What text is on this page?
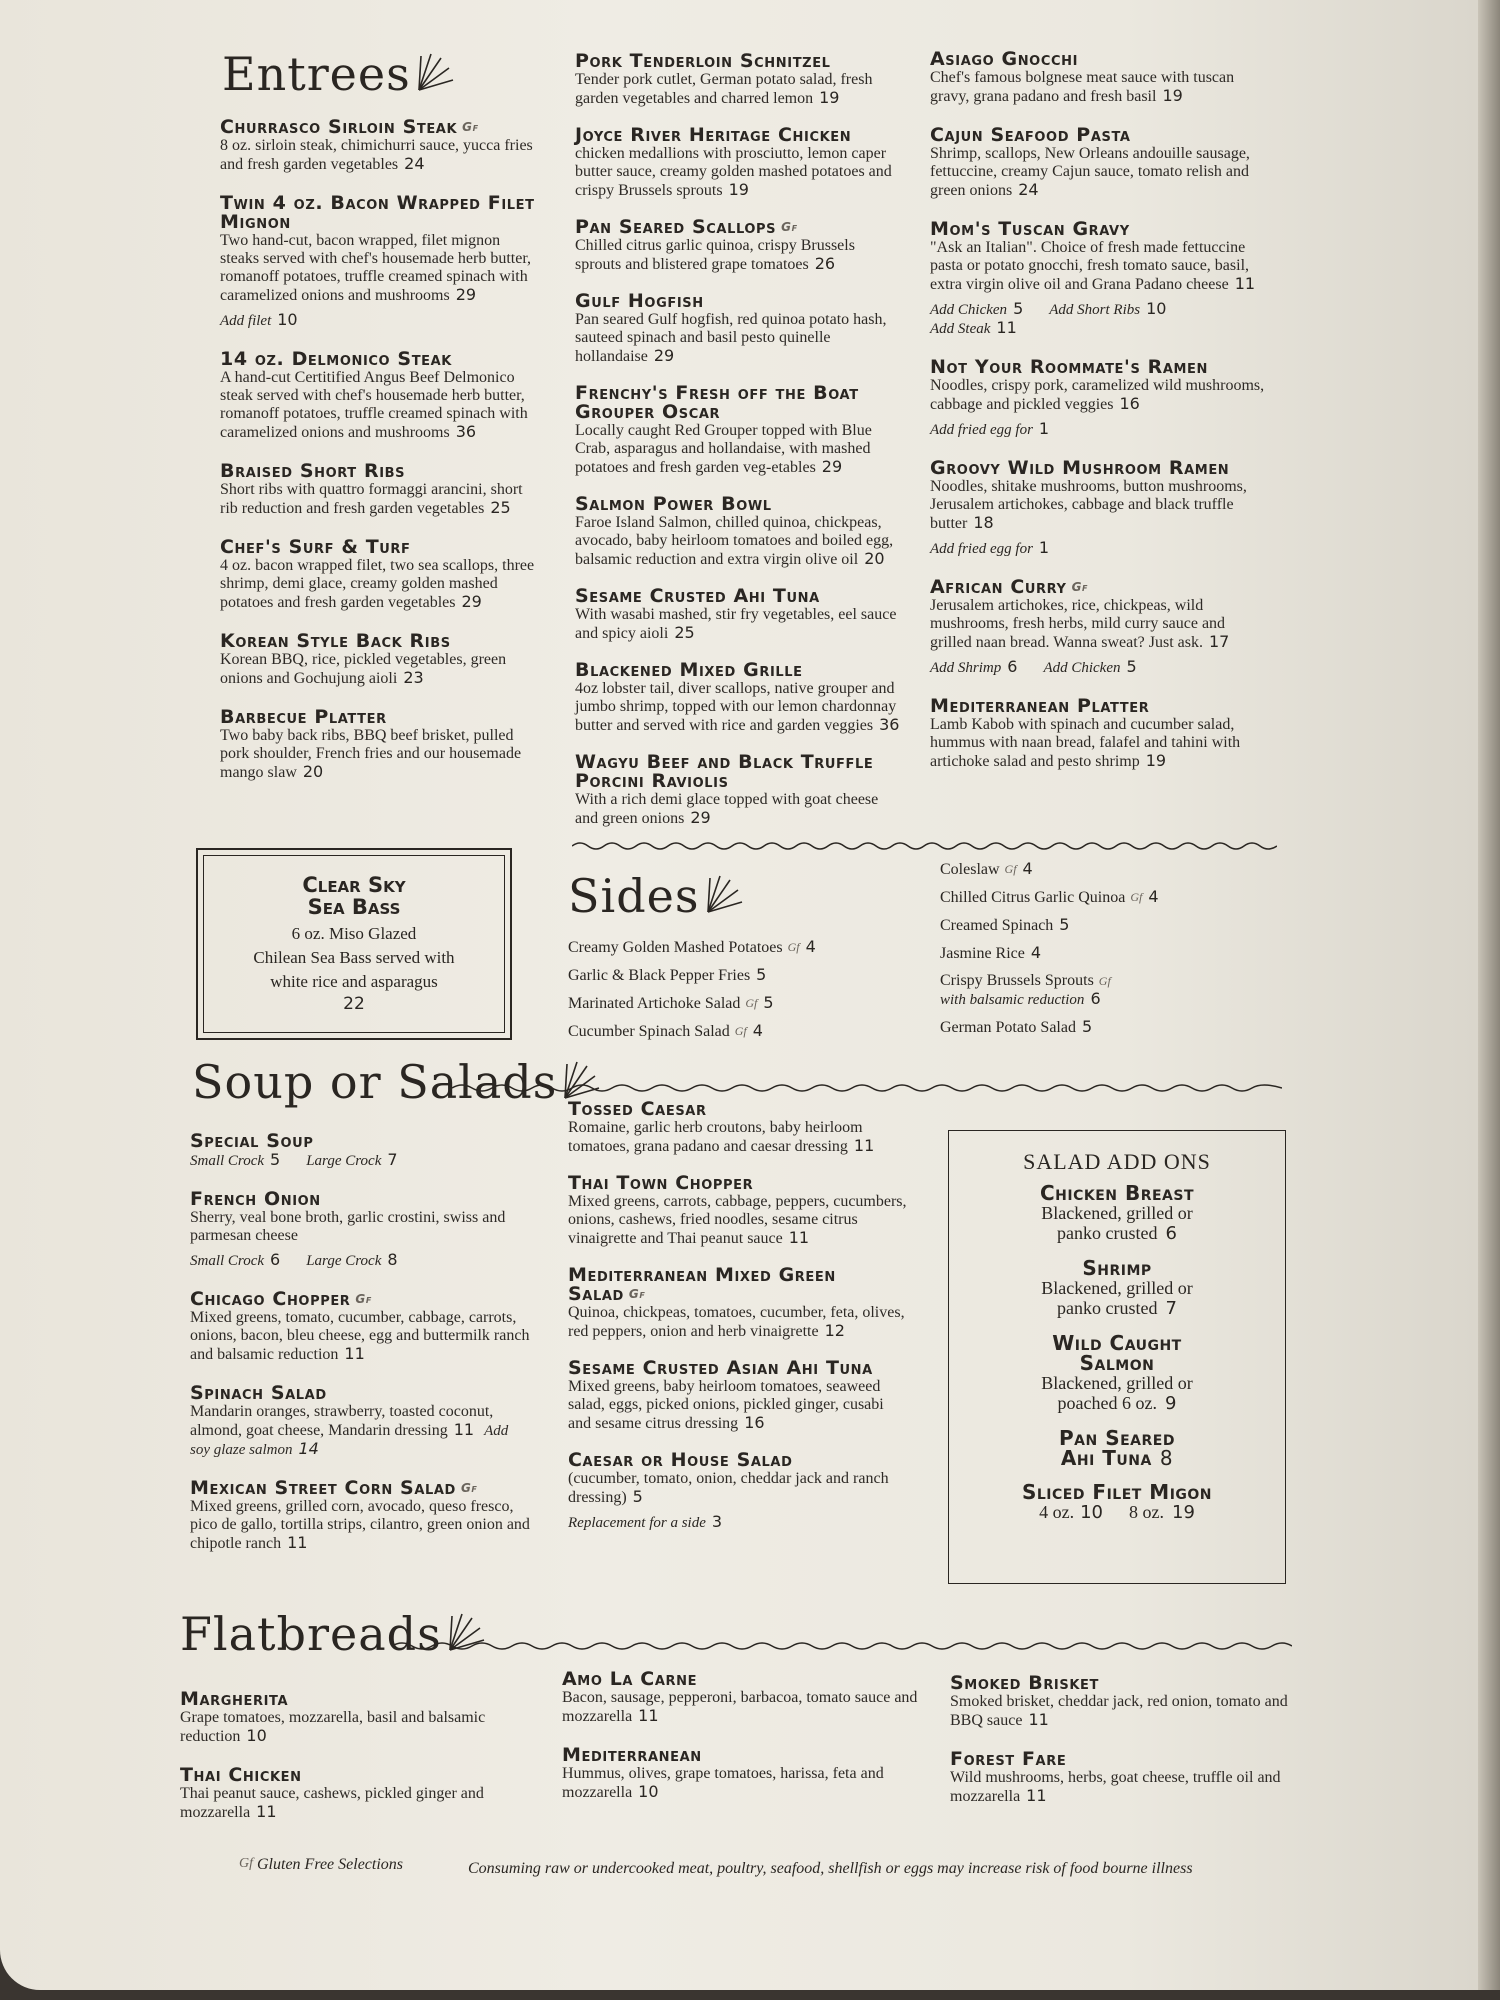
Entrees
Churrasco Sirloin Steak $^{Gf}$
8 oz. sirloin steak, chimichurri sauce, yucca fries and fresh garden vegetables 24
Twin 4 oz. Bacon Wrapped Filet Mignon
Two hand-cut, bacon wrapped, filet mignon steaks served with chef's housemade herb butter, romanoff potatoes, truffle creamed spinach with caramelized onions and mushrooms 29
Add filet 10
14 oz. Delmonico Steak
A hand-cut Certitified Angus Beef Delmonico steak served with chef's housemade herb butter, romanoff potatoes, truffle creamed spinach with caramelized onions and mushrooms 36
Braised Short Ribs
Short ribs with quattro formaggi arancini, short rib reduction and fresh garden vegetables 25
Chef's Surf & Turf
4 oz. bacon wrapped filet, two sea scallops, three shrimp, demi glace, creamy golden mashed potatoes and fresh garden vegetables 29
Korean Style Back Ribs
Korean BBQ, rice, pickled vegetables, green onions and Gochujung aioli 23
Barbecue Platter
Two baby back ribs, BBQ beef brisket, pulled pork shoulder, French fries and our housemade mango slaw 20
Pork Tenderloin Schnitzel
Tender pork cutlet, German potato salad, fresh garden vegetables and charred lemon 19
Joyce River Heritage Chicken
chicken medallions with prosciutto, lemon caper butter sauce, creamy golden mashed potatoes and crispy Brussels sprouts 19
Pan Seared Scallops $^{Gf}$
Chilled citrus garlic quinoa, crispy Brussels sprouts and blistered grape tomatoes 26
Gulf Hogfish
Pan seared Gulf hogfish, red quinoa potato hash, sauteed spinach and basil pesto quinelle hollandaise 29
Frenchy's Fresh off the Boat Grouper Oscar
Locally caught Red Grouper topped with Blue Crab, asparagus and hollandaise, with mashed potatoes and fresh garden veg-etables 29
Salmon Power Bowl
Faroe Island Salmon, chilled quinoa, chickpeas, avocado, baby heirloom tomatoes and boiled egg, balsamic reduction and extra virgin olive oil 20
Sesame Crusted Ahi Tuna
With wasabi mashed, stir fry vegetables, eel sauce and spicy aioli 25
Blackened Mixed Grille
4oz lobster tail, diver scallops, native grouper and jumbo shrimp, topped with our lemon chardonnay butter and served with rice and garden veggies 36
Wagyu Beef and Black Truffle Porcini Raviolis
With a rich demi glace topped with goat cheese and green onions 29
Asiago Gnocchi
Chef's famous bolgnese meat sauce with tuscan gravy, grana padano and fresh basil 19
Cajun Seafood Pasta
Shrimp, scallops, New Orleans andouille sausage, fettuccine, creamy Cajun sauce, tomato relish and green onions 24
Mom's Tuscan Gravy
"Ask an Italian". Choice of fresh made fettuccine pasta or potato gnocchi, fresh tomato sauce, basil, extra virgin olive oil and Grana Padano cheese 11
Add Chicken 5 Add Short Ribs 10
Add Steak 11
Not Your Roommate's Ramen
Noodles, crispy pork, caramelized wild mushrooms, cabbage and pickled veggies 16
Add fried egg for 1
Groovy Wild Mushroom Ramen
Noodles, shitake mushrooms, button mushrooms, Jerusalem artichokes, cabbage and black truffle butter 18
Add fried egg for 1
African Curry $^{Gf}$
Jerusalem artichokes, rice, chickpeas, wild mushrooms, fresh herbs, mild curry sauce and grilled naan bread. Wanna sweat? Just ask. 17
Add Shrimp 6 Add Chicken 5
Mediterranean Platter
Lamb Kabob with spinach and cucumber salad, hummus with naan bread, falafel and tahini with artichoke salad and pesto shrimp 19
Clear Sky
Sea Bass
6 oz. Miso Glazed
Chilean Sea Bass served with
white rice and asparagus
22
Sides
Creamy Golden Mashed Potatoes $^{Gf}$ 4
Garlic & Black Pepper Fries 5
Marinated Artichoke Salad $^{Gf}$ 5
Cucumber Spinach Salad $^{Gf}$ 4
Coleslaw $^{Gf}$ 4
Chilled Citrus Garlic Quinoa $^{Gf}$ 4
Creamed Spinach 5
Jasmine Rice 4
Crispy Brussels Sprouts $^{Gf}$
with balsamic reduction 6
German Potato Salad 5
Soup or Salads
Special Soup
Small Crock 5 Large Crock 7
French Onion
Sherry, veal bone broth, garlic crostini, swiss and parmesan cheese
Small Crock 6 Large Crock 8
Chicago Chopper $^{Gf}$
Mixed greens, tomato, cucumber, cabbage, carrots, onions, bacon, bleu cheese, egg and buttermilk ranch and balsamic reduction 11
Spinach Salad
Mandarin oranges, strawberry, toasted coconut, almond, goat cheese, Mandarin dressing 11 Add soy glaze salmon 14
Mexican Street Corn Salad $^{Gf}$
Mixed greens, grilled corn, avocado, queso fresco, pico de gallo, tortilla strips, cilantro, green onion and chipotle ranch 11
Tossed Caesar
Romaine, garlic herb croutons, baby heirloom tomatoes, grana padano and caesar dressing 11
Thai Town Chopper
Mixed greens, carrots, cabbage, peppers, cucumbers, onions, cashews, fried noodles, sesame citrus vinaigrette and Thai peanut sauce 11
Mediterranean Mixed Green Salad $^{Gf}$
Quinoa, chickpeas, tomatoes, cucumber, feta, olives, red peppers, onion and herb vinaigrette 12
Sesame Crusted Asian Ahi Tuna
Mixed greens, baby heirloom tomatoes, seaweed salad, eggs, picked onions, pickled ginger, cusabi and sesame citrus dressing 16
Caesar or House Salad
(cucumber, tomato, onion, cheddar jack and ranch dressing) 5
Replacement for a side 3
SALAD ADD ONS
Chicken Breast
Blackened, grilled or
panko crusted 6
Shrimp
Blackened, grilled or
panko crusted 7
Wild Caught
Salmon
Blackened, grilled or
poached 6 oz. 9
Pan Seared
Ahi Tuna 8
Sliced Filet Migon
4 oz. 10 8 oz. 19
Flatbreads
Margherita
Grape tomatoes, mozzarella, basil and balsamic reduction 10
Thai Chicken
Thai peanut sauce, cashews, pickled ginger and mozzarella 11
Amo La Carne
Bacon, sausage, pepperoni, barbacoa, tomato sauce and mozzarella 11
Mediterranean
Hummus, olives, grape tomatoes, harissa, feta and mozzarella 10
Smoked Brisket
Smoked brisket, cheddar jack, red onion, tomato and BBQ sauce 11
Forest Fare
Wild mushrooms, herbs, goat cheese, truffle oil and mozzarella 11
Gf Gluten Free Selections	Consuming raw or undercooked meat, poultry, seafood, shellfish or eggs may increase risk of food bourne illness
